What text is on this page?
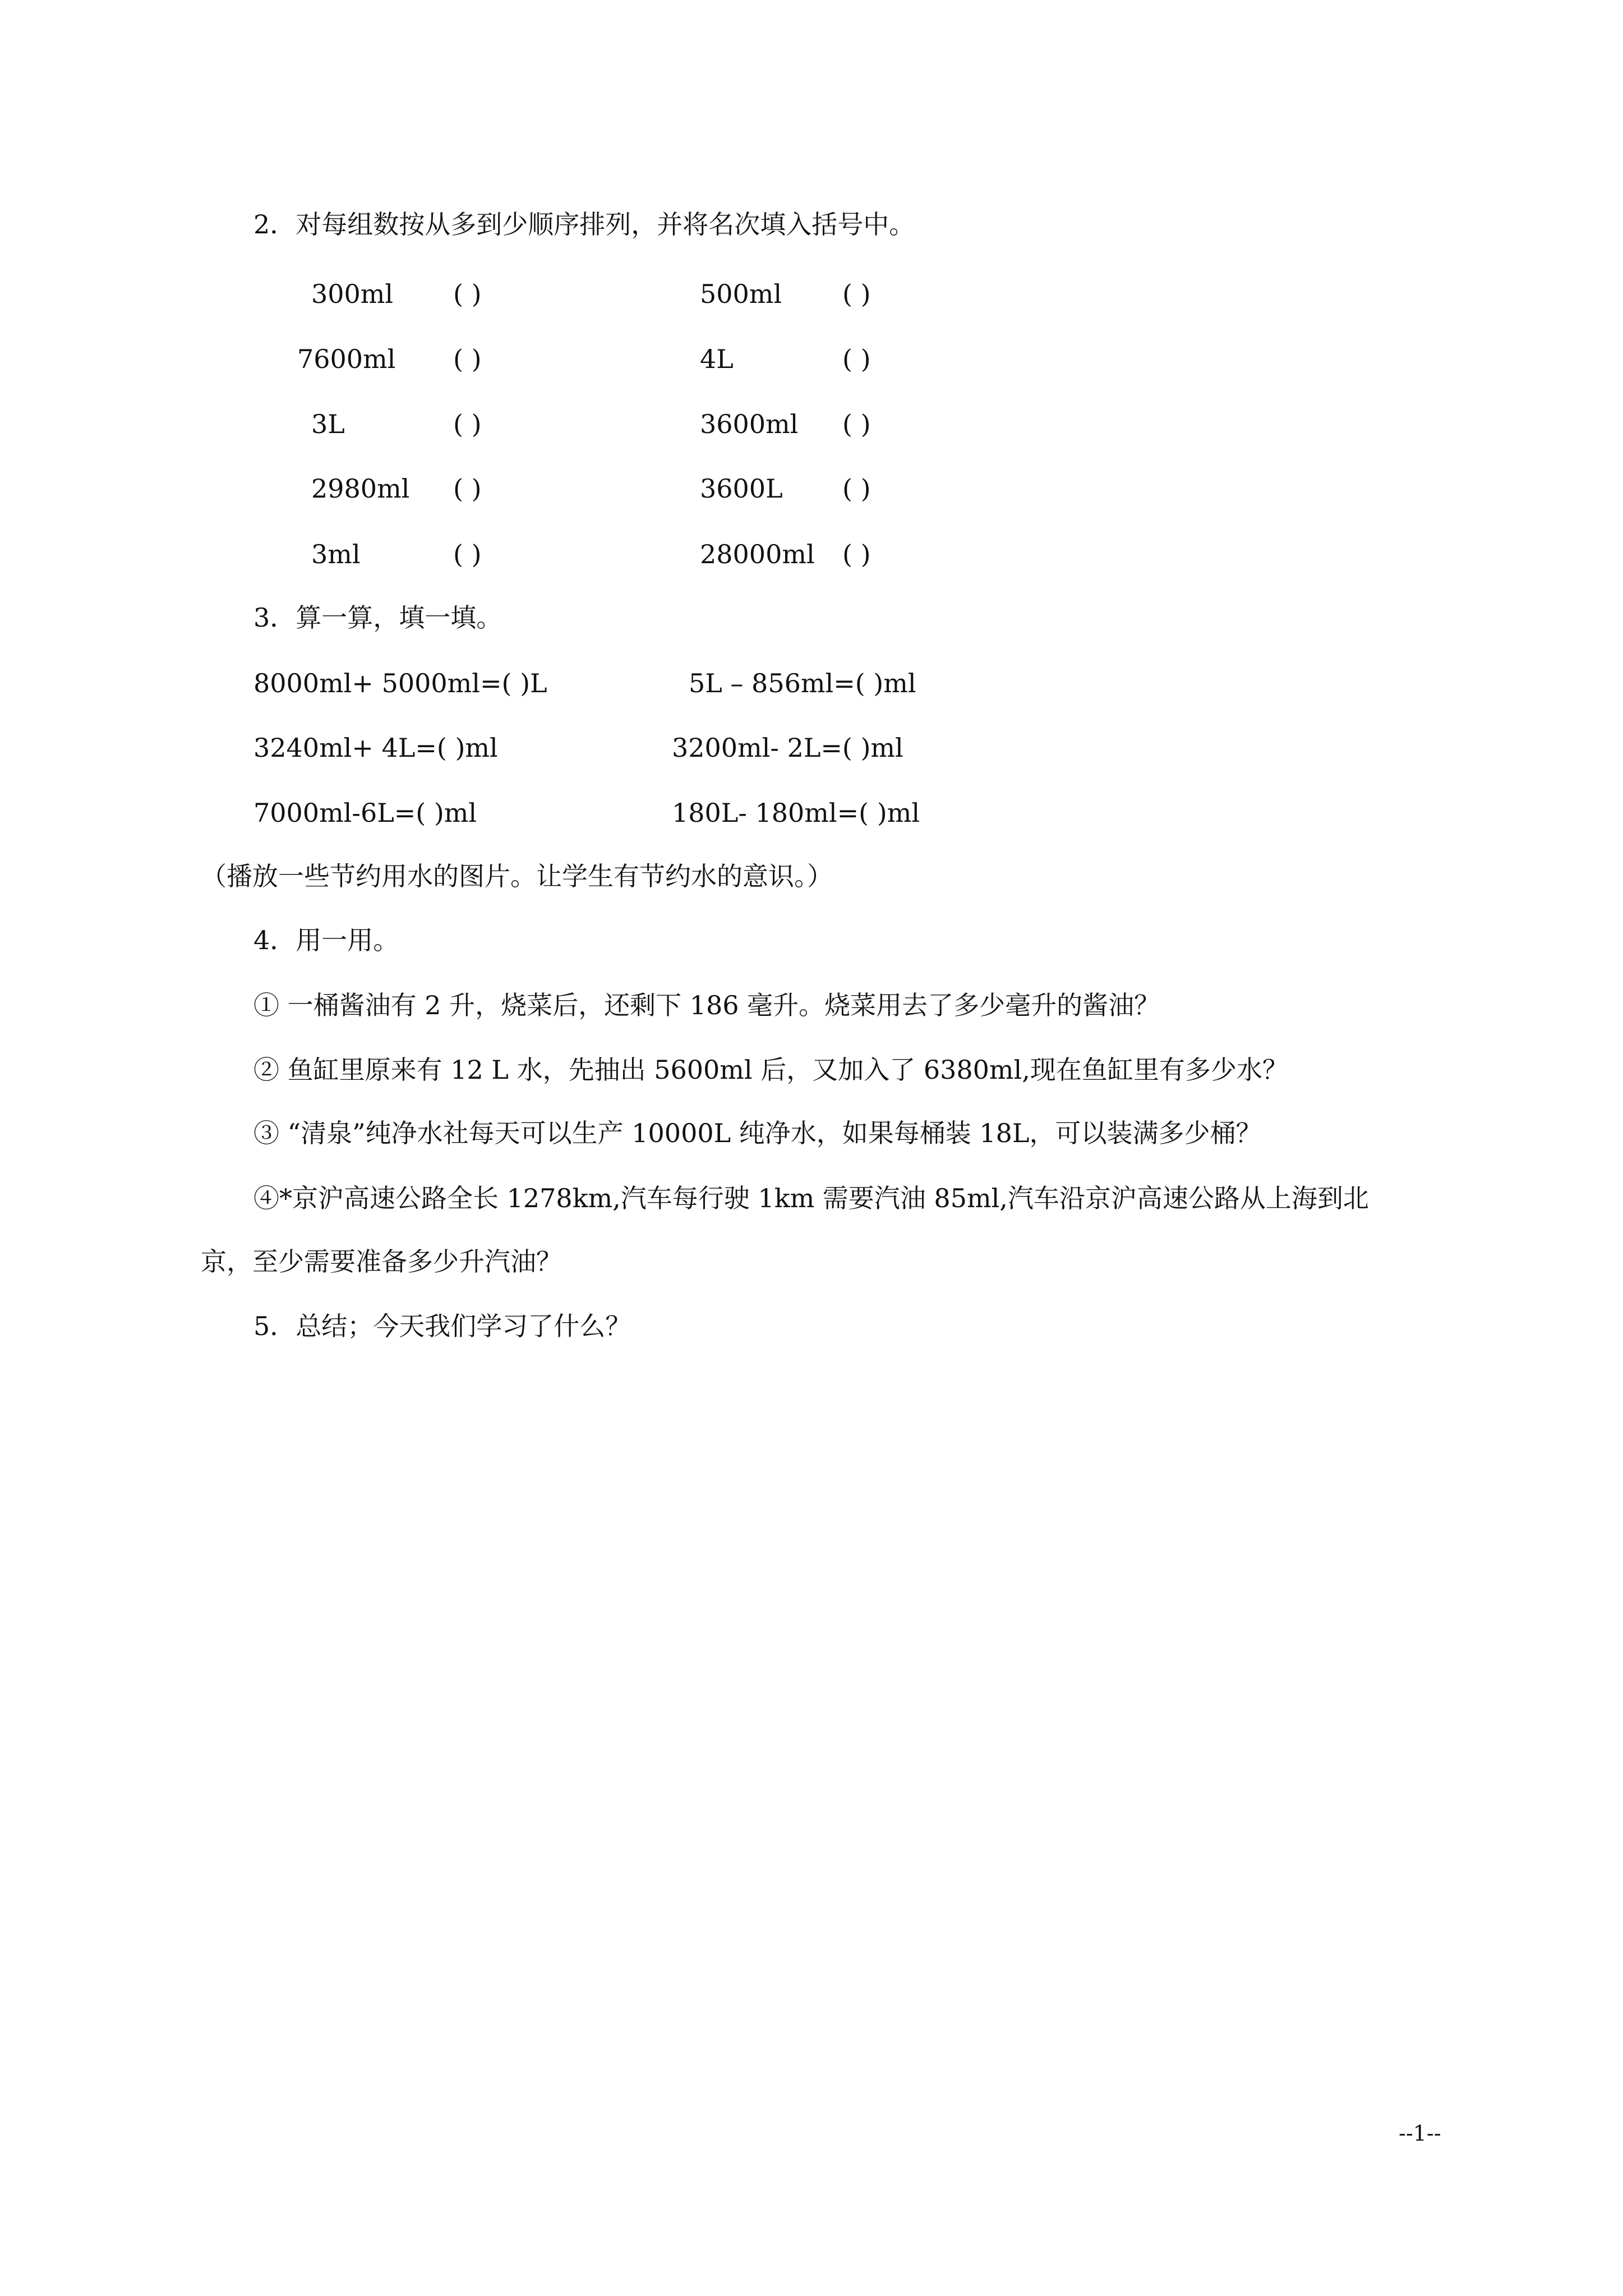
2．对每组数按从多到少顺序排列，并将名次填入括号中。
300ml ( )	500ml ( )
7600ml ( )	4L	( )
3L	( )	3600ml ( )
2980ml ( )	3600L ( )
3ml	( )	28000ml ( )
3．算一算，填一填。
8000ml+ 5000ml=( )L	5L – 856ml=( )ml
3240ml+ 4L=( )ml	3200ml- 2L=( )ml
7000ml-6L=( )ml	180L- 180ml=( )ml
（播放一些节约用水的图片。让学生有节约水的意识。）
4．用一用。
① 一桶酱油有 2 升，烧菜后，还剩下 186 毫升。烧菜用去了多少毫升的酱油？
② 鱼缸里原来有 12 L 水，先抽出 5600ml 后，又加入了 6380ml,现在鱼缸里有多少水？
③ “清泉”纯净水社每天可以生产 10000L 纯净水，如果每桶装 18L，可以装满多少桶？
④*京沪高速公路全长 1278km,汽车每行驶 1km 需要汽油 85ml,汽车沿京沪高速公路从上海到北
京，至少需要准备多少升汽油？
5．总结；今天我们学习了什么？
--1--
